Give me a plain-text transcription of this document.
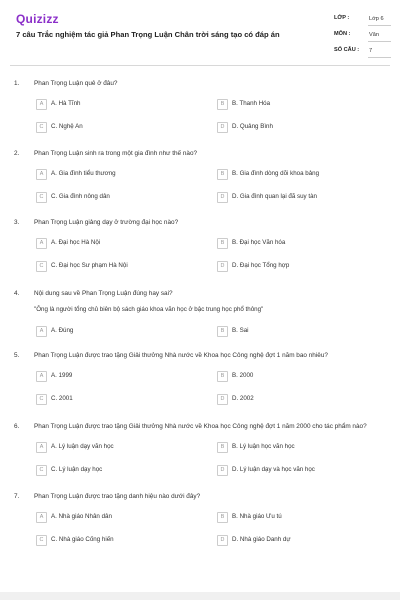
Quizizz
7 câu Trắc nghiệm tác giả Phan Trọng Luận Chân trời sáng tạo có đáp án
LỚP :	Lớp 6
MÔN :	Văn
SỐ CÂU : 7
1. Phan Trọng Luận quê ở đâu?
A	A. Hà Tĩnh	B	B. Thanh Hóa
C	C. Nghệ An	D	D. Quảng Bình
2. Phan Trọng Luận sinh ra trong một gia đình như thế nào?
A	A. Gia đình tiểu thương	B	B. Gia đình dòng dõi khoa bảng
C	C. Gia đình nông dân	D	D. Gia đình quan lại đã suy tàn
3. Phan Trọng Luận giảng dạy ở trường đại học nào?
A	A. Đại học Hà Nội	B	B. Đại học Văn hóa
C	C. Đại học Sư phạm Hà Nội	D	D. Đại học Tổng hợp
4. Nội dung sau về Phan Trọng Luận đúng hay sai?
"Ông là người tổng chủ biên bộ sách giáo khoa văn học ở bậc trung học phổ thông"
A	A. Đúng	B	B. Sai
5. Phan Trọng Luận được trao tặng Giải thưởng Nhà nước về Khoa học Công nghệ đợt 1 năm bao nhiêu?
A	A. 1999	B	B. 2000
C	C. 2001	D	D. 2002
6. Phan Trọng Luận được trao tặng Giải thưởng Nhà nước về Khoa học Công nghệ đợt 1 năm 2000 cho tác phẩm nào?
A	A. Lý luận dạy văn học	B	B. Lý luận học văn học
C	C. Lý luận dạy học	D	D. Lý luận dạy và học văn học
7. Phan Trọng Luận được trao tặng danh hiệu nào dưới đây?
A	A. Nhà giáo Nhân dân	B	B. Nhà giáo Ưu tú
C	C. Nhà giáo Cống hiến	D	D. Nhà giáo Danh dự
